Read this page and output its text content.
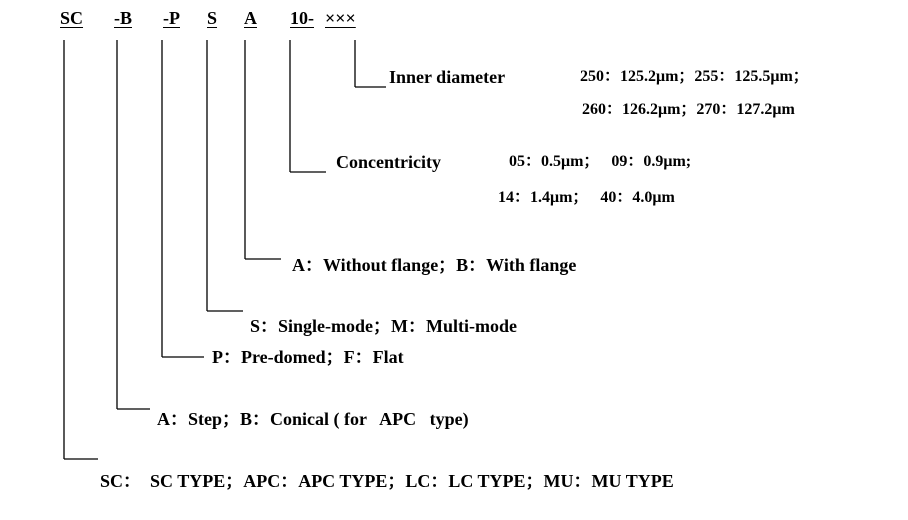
SC -B -P S A 10- ×××
Inner diameter	250：125.2μm；255：125.5μm；
260：126.2μm；270：127.2μm
Concentricity	05：0.5μm；   09：0.9μm;
14：1.4μm；   40：4.0μm
A：Without flange；B：With flange
S：Single-mode；M：Multi-mode
P：Pre-domed；F：Flat
A：Step；B：Conical ( for   APC   type)
SC：  SC TYPE；APC：APC TYPE；LC：LC TYPE；MU：MU TYPE
